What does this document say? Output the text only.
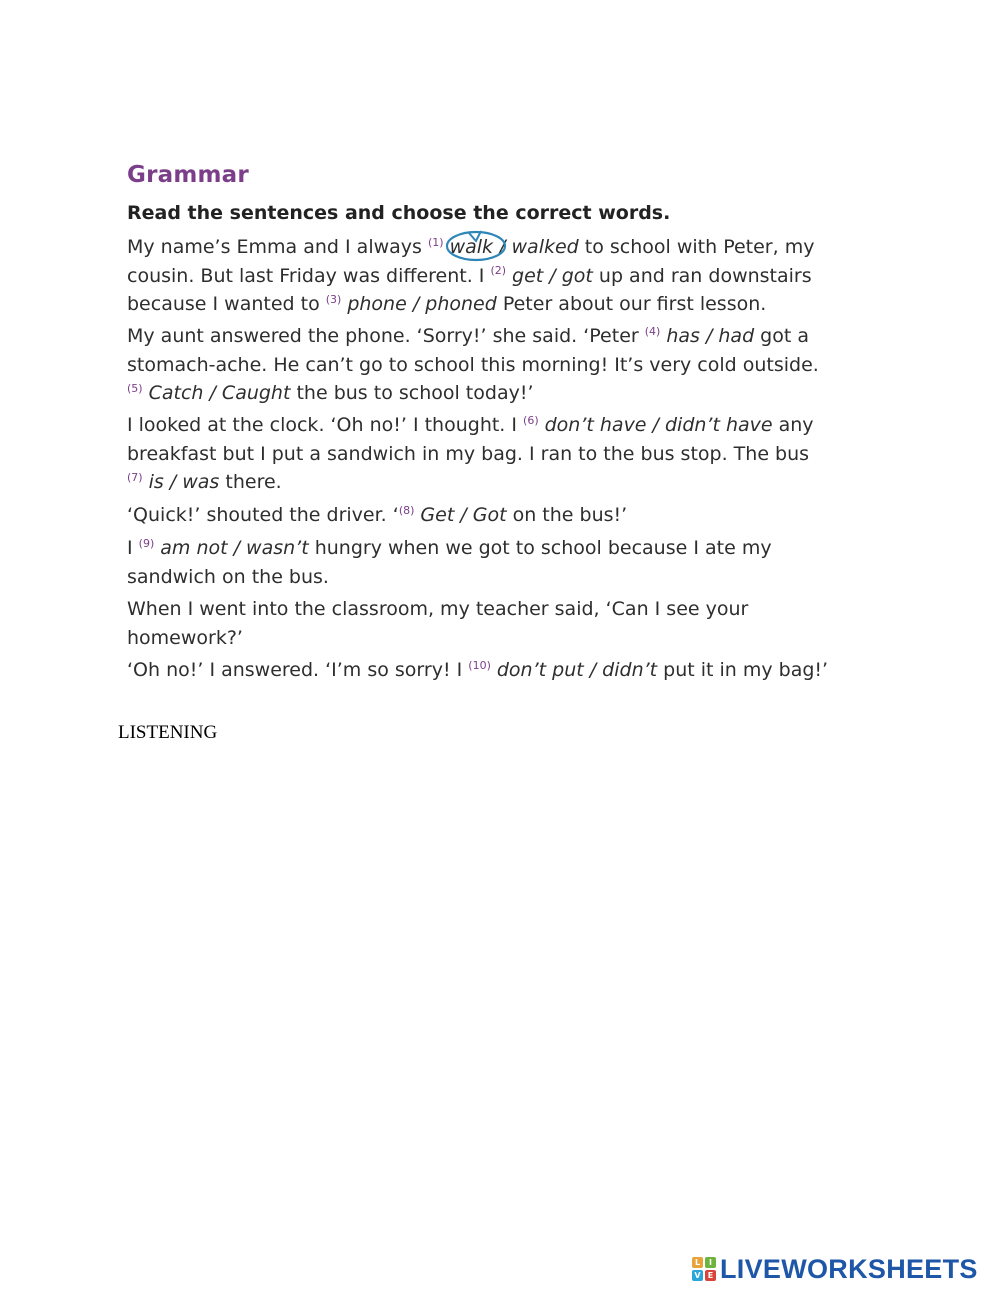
Grammar

Read the sentences and choose the correct words.

My name’s Emma and I always $^{(1)}$ walk
/ walked to school with Peter, my
cousin. But last Friday was different. I $^{(2)}$ get / got up and ran downstairs
because I wanted to $^{(3)}$ phone / phoned Peter about our first lesson.

My aunt answered the phone. ‘Sorry!’ she said. ‘Peter $^{(4)}$ has / had got a
stomach-ache. He can’t go to school this morning! It’s very cold outside.
$^{(5)}$ Catch / Caught the bus to school today!’

I looked at the clock. ‘Oh no!’ I thought. I $^{(6)}$ don’t have / didn’t have any
breakfast but I put a sandwich in my bag. I ran to the bus stop. The bus
$^{(7)}$ is / was there.

‘Quick!’ shouted the driver. ‘$^{(8)}$ Get / Got on the bus!’

I $^{(9)}$ am not / wasn’t hungry when we got to school because I ate my
sandwich on the bus.

When I went into the classroom, my teacher said, ‘Can I see your
homework?’

‘Oh no!’ I answered. ‘I’m so sorry! I $^{(10)}$ don’t put / didn’t put it in my bag!’

LISTENING

L	I
V E LIVEWORKSHEETS
